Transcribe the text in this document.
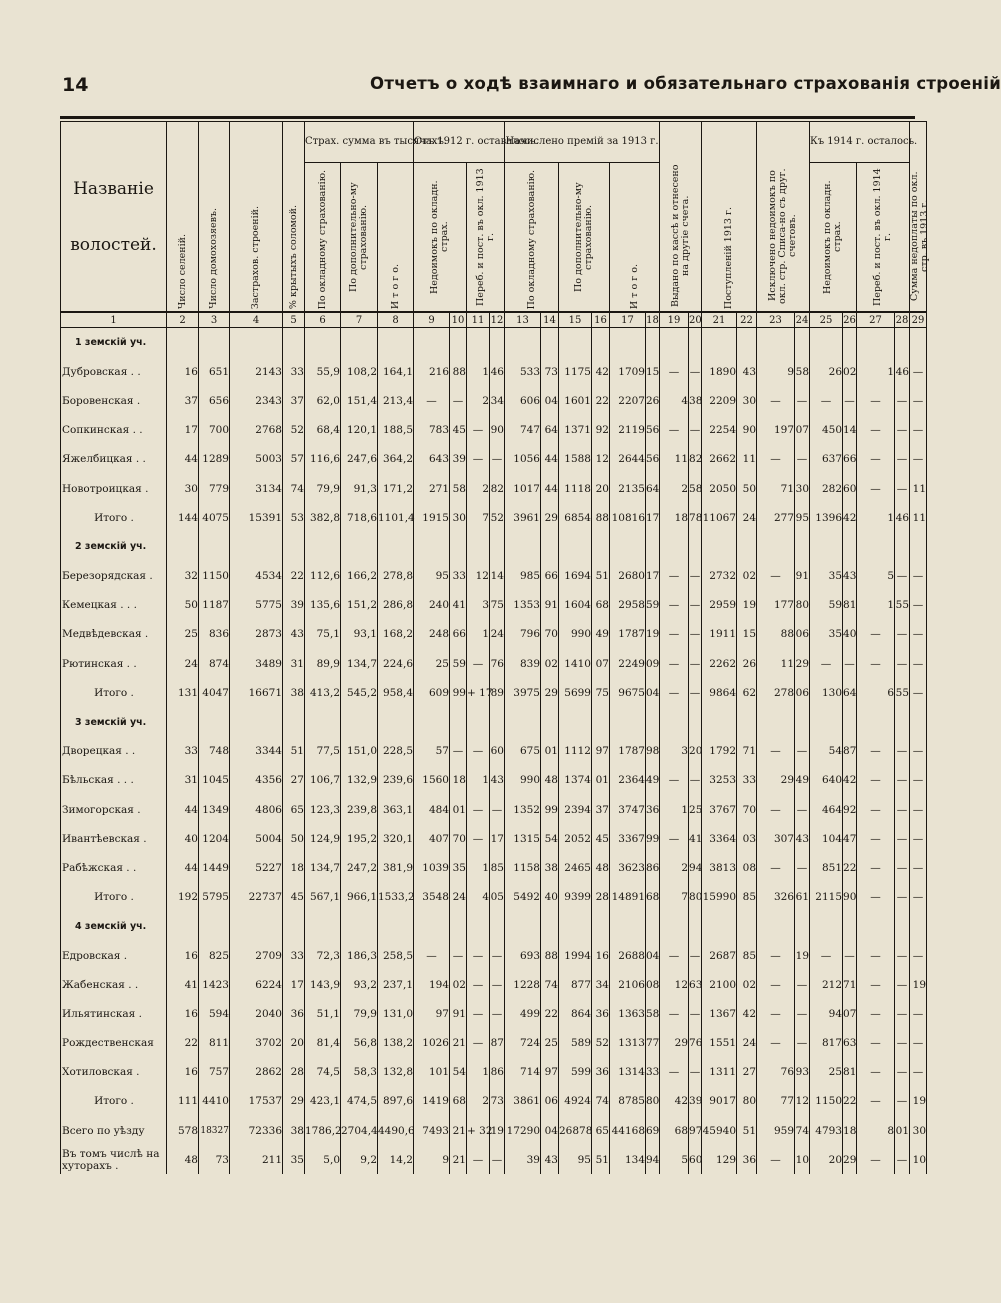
14	Отчетъ о ходѣ взаимнаго и обязательнаго страхованія строеній
Названіе
волостей.	Число селеній.	Число домохозяевъ.	Застрахов. строеній.	% крытыхъ соломой.	Страх. сумма въ тысячахъ.			Отъ 1912 г. оставалось.				Начислено премій за 1913 г.						Выдано по кассѣ и отнесено на другіе счета.		Поступленій 1913 г.		Исключено недоимокъ по окл. стр. Списа-но съ друг. счетовъ.		Къ 1914 г. осталось.				Сумма недоплаты по окл. стр. въ 1913 г.

					По окладному страхованію.	По дополнительно-му страхованію.	И т о г о.	Недоимокъ по окладн. страх.		Переб. и пост. въ окл. 1913 г.		По окладному страхованію.		По дополнительно-му страхованію.		И т о г о.								Недоимокъ по окладн. страх.		Переб. и пост. въ окл. 1914 г.		

1	2	3	4	5	6	7	8	9	10	11	12	13	14	15	16	17	18	19	20	21	22	23	24	25	26	27	28	29
1 земскій уч.																												
Дубровская . .	16	651	2143	33	55,9	108,2	164,1	216	88	1	46	533	73	1175	42	1709	15	—	—	1890	43	9	58	26	02	1	46	—
Боровенская .	37	656	2343	37	62,0	151,4	213,4	—	—	2	34	606	04	1601	22	2207	26	4	38	2209	30	—	—	—	—	—	—	—
Сопкинская . .	17	700	2768	52	68,4	120,1	188,5	783	45	—	90	747	64	1371	92	2119	56	—	—	2254	90	197	07	450	14	—	—	—
Яжелбицкая . .	44	1289	5003	57	116,6	247,6	364,2	643	39	—	—	1056	44	1588	12	2644	56	11	82	2662	11	—	—	637	66	—	—	—
Новотроицкая .	30	779	3134	74	79,9	91,3	171,2	271	58	2	82	1017	44	1118	20	2135	64	2	58	2050	50	71	30	282	60	—	—	11
Итого .	144	4075	15391	53	382,8	718,6	1101,4	1915	30	7	52	3961	29	6854	88	10816	17	18	78	11067	24	277	95	1396	42	1	46	11
2 земскій уч.																												
Березорядская .	32	1150	4534	22	112,6	166,2	278,8	95	33	12	14	985	66	1694	51	2680	17	—	—	2732	02	—	91	35	43	5	—	—
Кемецкая . . .	50	1187	5775	39	135,6	151,2	286,8	240	41	3	75	1353	91	1604	68	2958	59	—	—	2959	19	177	80	59	81	1	55	—
Медвѣдевская .	25	836	2873	43	75,1	93,1	168,2	248	66	1	24	796	70	990	49	1787	19	—	—	1911	15	88	06	35	40	—	—	—
Рютинская . .	24	874	3489	31	89,9	134,7	224,6	25	59	—	76	839	02	1410	07	2249	09	—	—	2262	26	11	29	—	—	—	—	—
Итого .	131	4047	16671	38	413,2	545,2	958,4	609	99	+ 17	89	3975	29	5699	75	9675	04	—	—	9864	62	278	06	130	64	6	55	—
3 земскій уч.																												
Дворецкая . .	33	748	3344	51	77,5	151,0	228,5	57	—	—	60	675	01	1112	97	1787	98	3	20	1792	71	—	—	54	87	—	—	—
Бѣльская . . .	31	1045	4356	27	106,7	132,9	239,6	1560	18	1	43	990	48	1374	01	2364	49	—	—	3253	33	29	49	640	42	—	—	—
Зимогорская .	44	1349	4806	65	123,3	239,8	363,1	484	01	—	—	1352	99	2394	37	3747	36	1	25	3767	70	—	—	464	92	—	—	—
Ивантѣевская .	40	1204	5004	50	124,9	195,2	320,1	407	70	—	17	1315	54	2052	45	3367	99	—	41	3364	03	307	43	104	47	—	—	—
Рабѣжская . .	44	1449	5227	18	134,7	247,2	381,9	1039	35	1	85	1158	38	2465	48	3623	86	2	94	3813	08	—	—	851	22	—	—	—
Итого .	192	5795	22737	45	567,1	966,1	1533,2	3548	24	4	05	5492	40	9399	28	14891	68	7	80	15990	85	326	61	2115	90	—	—	—
4 земскій уч.																												
Едровская .	16	825	2709	33	72,3	186,3	258,5	—	—	—	—	693	88	1994	16	2688	04	—	—	2687	85	—	19	—	—	—	—	—
Жабенская . .	41	1423	6224	17	143,9	93,2	237,1	194	02	—	—	1228	74	877	34	2106	08	12	63	2100	02	—	—	212	71	—	—	19
Ильятинская .	16	594	2040	36	51,1	79,9	131,0	97	91	—	—	499	22	864	36	1363	58	—	—	1367	42	—	—	94	07	—	—	—
Рождественская	22	811	3702	20	81,4	56,8	138,2	1026	21	—	87	724	25	589	52	1313	77	29	76	1551	24	—	—	817	63	—	—	—
Хотиловская .	16	757	2862	28	74,5	58,3	132,8	101	54	1	86	714	97	599	36	1314	33	—	—	1311	27	76	93	25	81	—	—	—
Итого .	111	4410	17537	29	423,1	474,5	897,6	1419	68	2	73	3861	06	4924	74	8785	80	42	39	9017	80	77	12	1150	22	—	—	19
Всего по уѣзду	578	18327	72336	38	1786,2	2704,4	4490,6	7493	21	+ 32	19	17290	04	26878	65	44168	69	68	97	45940	51	959	74	4793	18	8	01	30
Въ томъ числѣ на хуторахъ .	48	73	211	35	5,0	9,2	14,2	9	21	—	—	39	43	95	51	134	94	5	60	129	36	—	10	20	29	—	—	10
